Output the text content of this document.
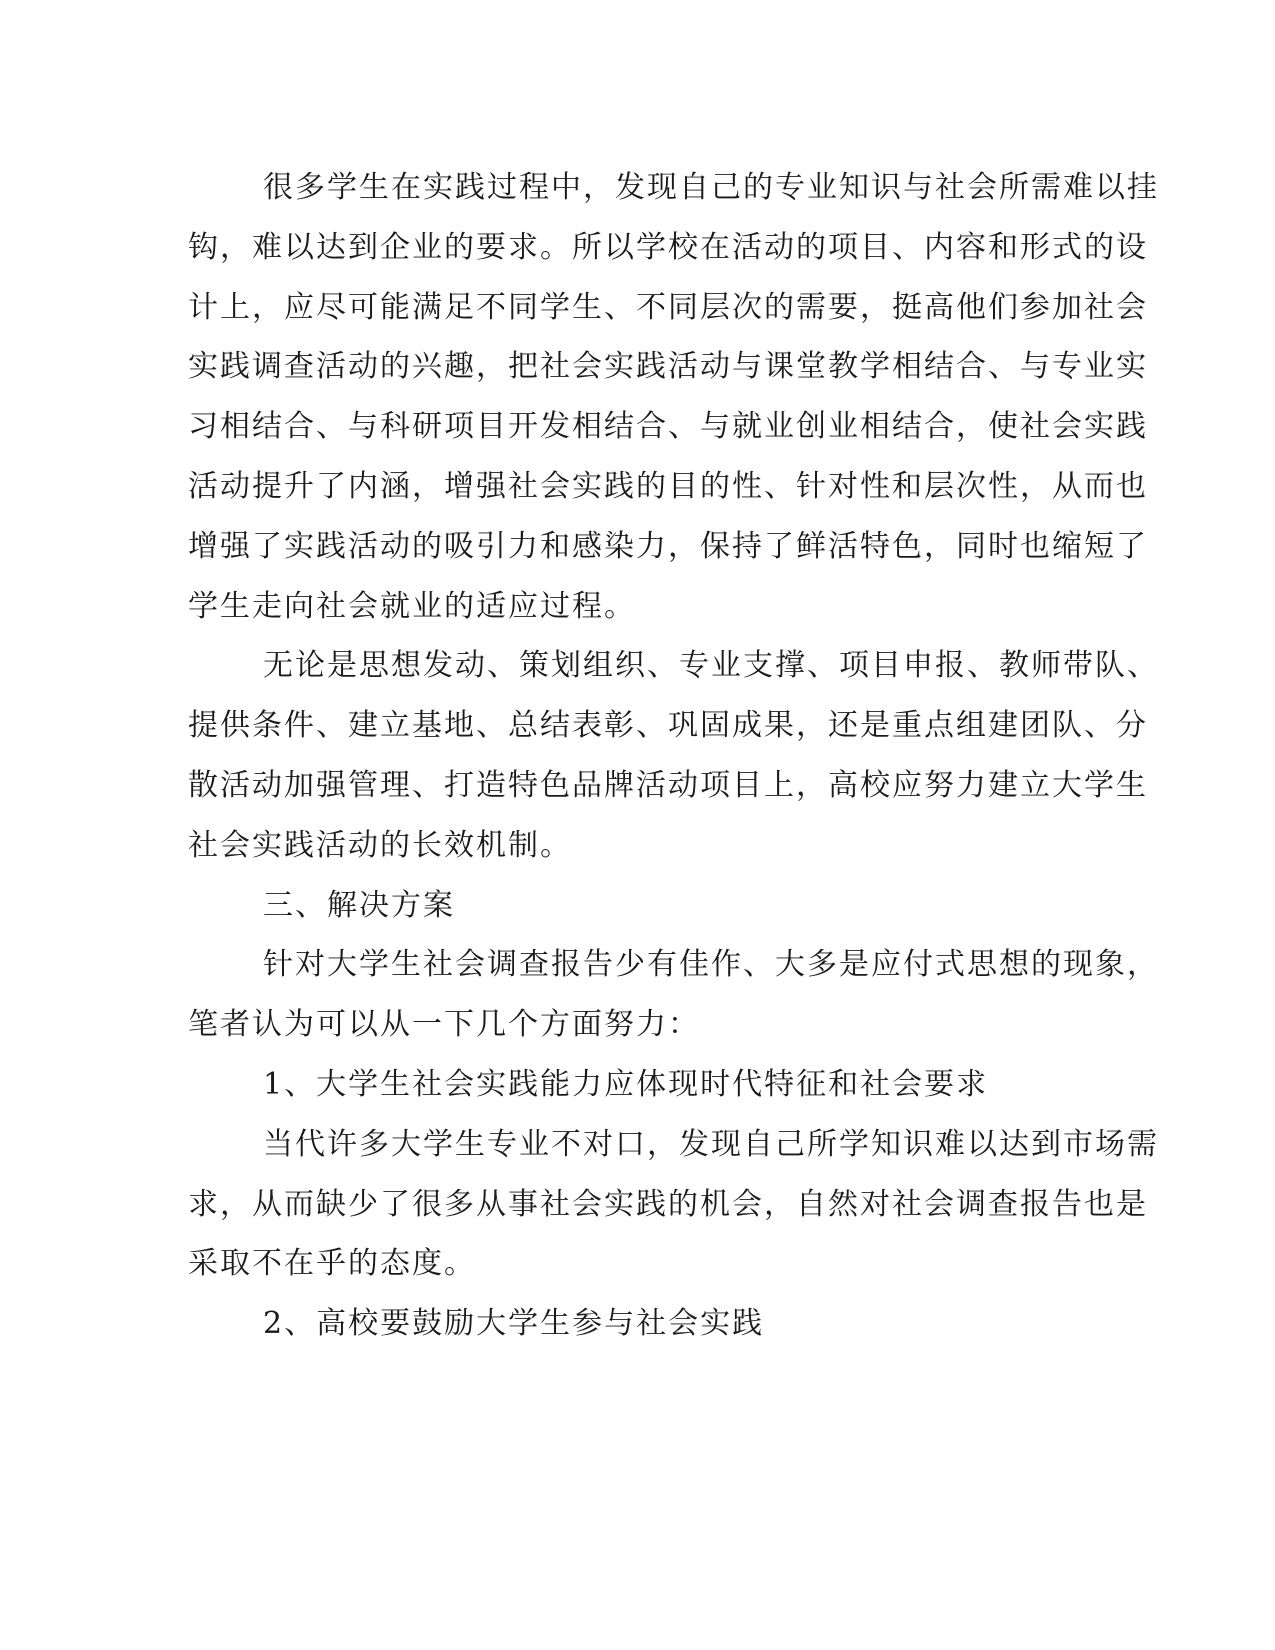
很多学生在实践过程中，发现自己的专业知识与社会所需难以挂
钩，难以达到企业的要求。所以学校在活动的项目、内容和形式的设
计上，应尽可能满足不同学生、不同层次的需要，挺高他们参加社会
实践调查活动的兴趣，把社会实践活动与课堂教学相结合、与专业实
习相结合、与科研项目开发相结合、与就业创业相结合，使社会实践
活动提升了内涵，增强社会实践的目的性、针对性和层次性，从而也
增强了实践活动的吸引力和感染力，保持了鲜活特色，同时也缩短了
学生走向社会就业的适应过程。
无论是思想发动、策划组织、专业支撑、项目申报、教师带队、
提供条件、建立基地、总结表彰、巩固成果，还是重点组建团队、分
散活动加强管理、打造特色品牌活动项目上，高校应努力建立大学生
社会实践活动的长效机制。
三、解决方案
针对大学生社会调查报告少有佳作、大多是应付式思想的现象，
笔者认为可以从一下几个方面努力：
1、大学生社会实践能力应体现时代特征和社会要求
当代许多大学生专业不对口，发现自己所学知识难以达到市场需
求，从而缺少了很多从事社会实践的机会，自然对社会调查报告也是
采取不在乎的态度。
2、高校要鼓励大学生参与社会实践
